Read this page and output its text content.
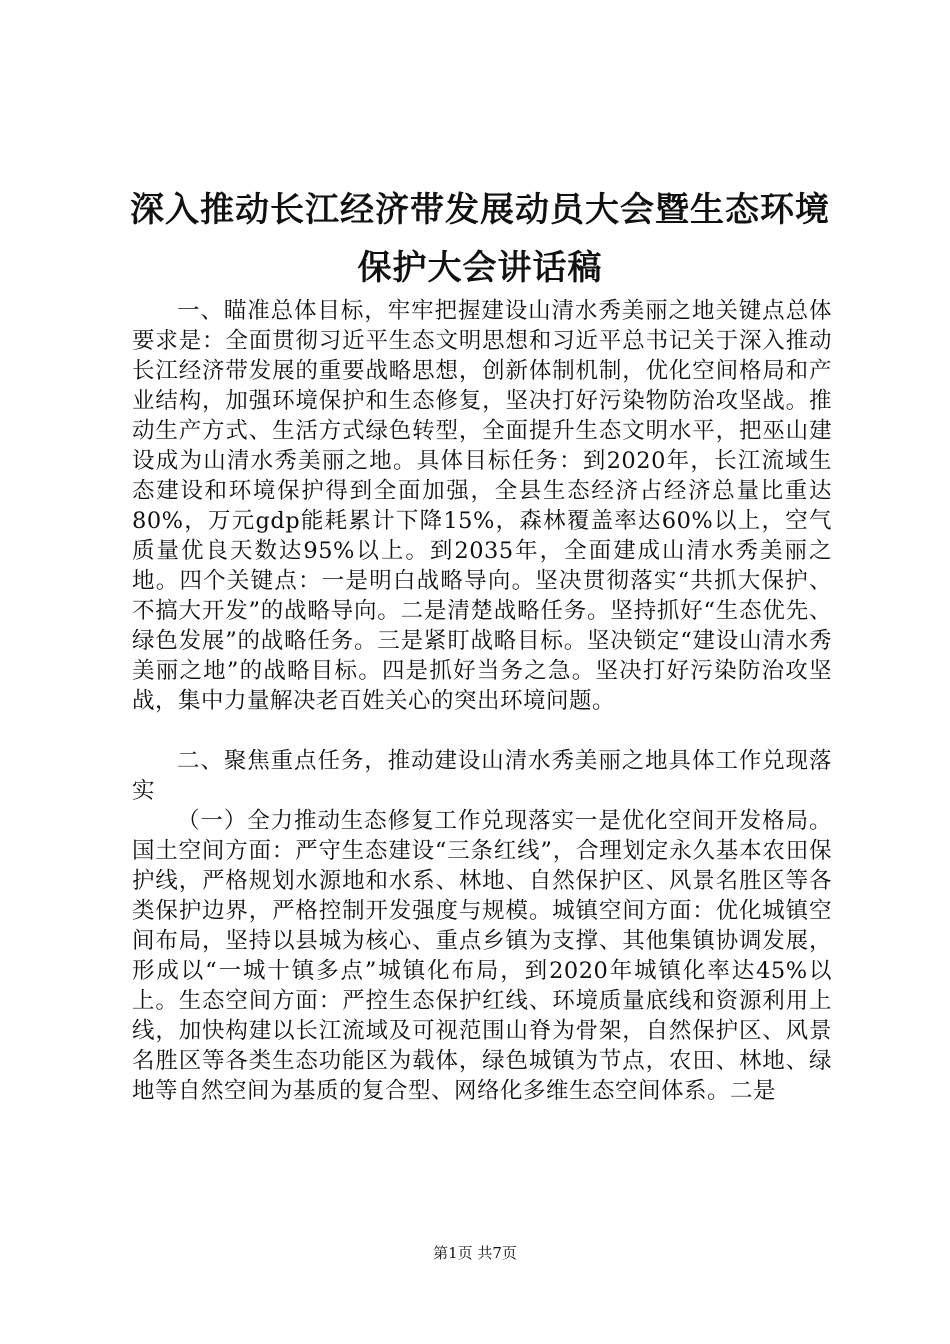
深入推动长江经济带发展动员大会暨生态环境
保护大会讲话稿

一、瞄准总体目标，牢牢把握建设山清水秀美丽之地关键点总体要求是：全面贯彻习近平生态文明思想和习近平总书记关于深入推动长江经济带发展的重要战略思想，创新体制机制，优化空间格局和产业结构，加强环境保护和生态修复，坚决打好污染物防治攻坚战。推动生产方式、生活方式绿色转型，全面提升生态文明水平，把巫山建设成为山清水秀美丽之地。具体目标任务：到2020年，长江流域生态建设和环境保护得到全面加强，全县生态经济占经济总量比重达80%，万元gdp能耗累计下降15%，森林覆盖率达60%以上，空气质量优良天数达95%以上。到2035年，全面建成山清水秀美丽之地。四个关键点：一是明白战略导向。坚决贯彻落实“共抓大保护、不搞大开发”的战略导向。二是清楚战略任务。坚持抓好“生态优先、绿色发展”的战略任务。三是紧盯战略目标。坚决锁定“建设山清水秀美丽之地”的战略目标。四是抓好当务之急。坚决打好污染防治攻坚战，集中力量解决老百姓关心的突出环境问题。

二、聚焦重点任务，推动建设山清水秀美丽之地具体工作兑现落实

（一）全力推动生态修复工作兑现落实一是优化空间开发格局。国土空间方面：严守生态建设“三条红线”，合理划定永久基本农田保护线，严格规划水源地和水系、林地、自然保护区、风景名胜区等各类保护边界，严格控制开发强度与规模。城镇空间方面：优化城镇空间布局，坚持以县城为核心、重点乡镇为支撑、其他集镇协调发展，形成以“一城十镇多点”城镇化布局，到2020年城镇化率达45%以上。生态空间方面：严控生态保护红线、环境质量底线和资源利用上线，加快构建以长江流域及可视范围山脊为骨架，自然保护区、风景名胜区等各类生态功能区为载体，绿色城镇为节点，农田、林地、绿地等自然空间为基质的复合型、网络化多维生态空间体系。二是

第1页 共7页
